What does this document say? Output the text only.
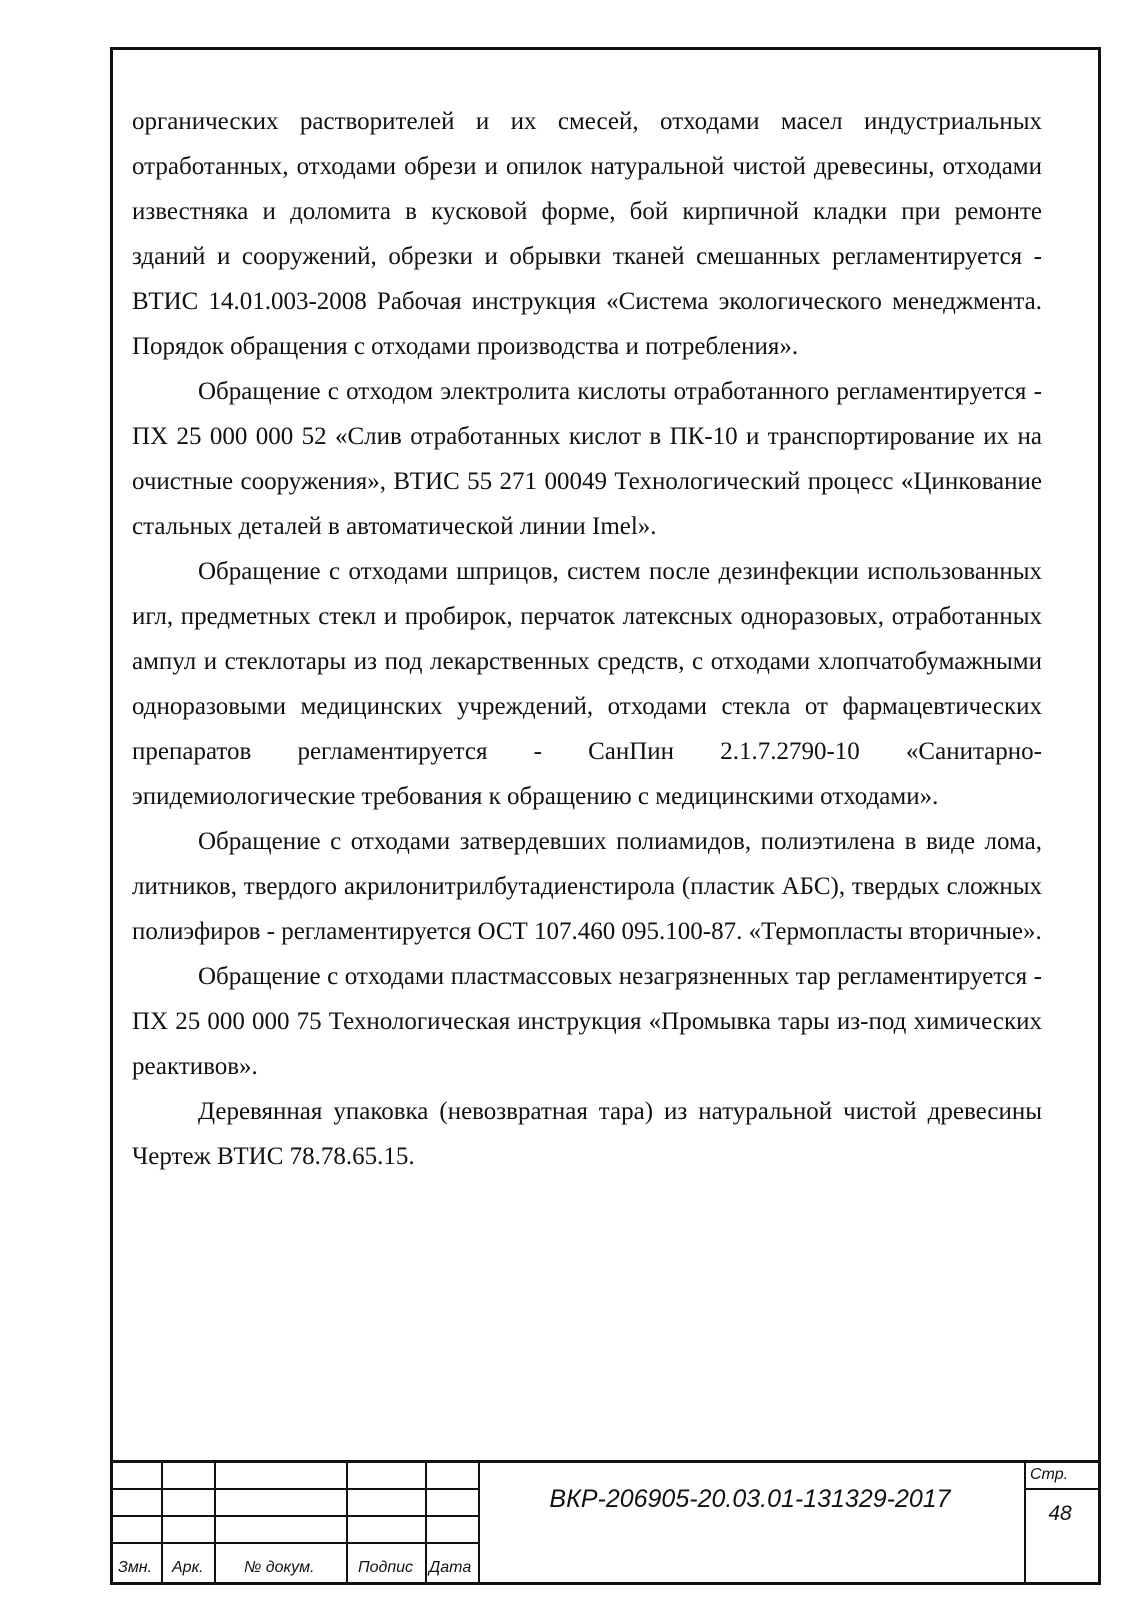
органических растворителей и их смесей, отходами масел индустриальных отработанных, отходами обрези и опилок натуральной чистой древесины, отходами известняка и доломита в кусковой форме, бой кирпичной кладки при ремонте зданий и сооружений, обрезки и обрывки тканей смешанных регламентируется - ВТИС 14.01.003-2008 Рабочая инструкция «Система экологического менеджмента. Порядок обращения с отходами производства и потребления».

Обращение с отходом электролита кислоты отработанного регламентируется - ПХ 25 000 000 52 «Слив отработанных кислот в ПК-10 и транспортирование их на очистные сооружения», ВТИС 55 271 00049 Технологический процесс «Цинкование стальных деталей в автоматической линии Imel».

Обращение с отходами шприцов, систем после дезинфекции использованных игл, предметных стекл и пробирок, перчаток латексных одноразовых, отработанных ампул и стеклотары из под лекарственных средств, с отходами хлопчатобумажными одноразовыми медицинских учреждений, отходами стекла от фармацевтических препаратов регламентируется - СанПин 2.1.7.2790-10 «Санитарно-эпидемиологические требования к обращению с медицинскими отходами».

Обращение с отходами затвердевших полиамидов, полиэтилена в виде лома, литников, твердого акрилонитрилбутадиенстирола (пластик АБС), твердых сложных полиэфиров - регламентируется ОСТ 107.460 095.100-87. «Термопласты вторичные».

Обращение с отходами пластмассовых незагрязненных тар регламентируется - ПХ 25 000 000 75 Технологическая инструкция «Промывка тары из-под химических реактивов».

Деревянная упаковка (невозвратная тара) из натуральной чистой древесины Чертеж ВТИС 78.78.65.15.

Змн. Арк.	№ докум.	Подпис Дата
ВКР-206905-20.03.01-131329-2017
Стр.
48
